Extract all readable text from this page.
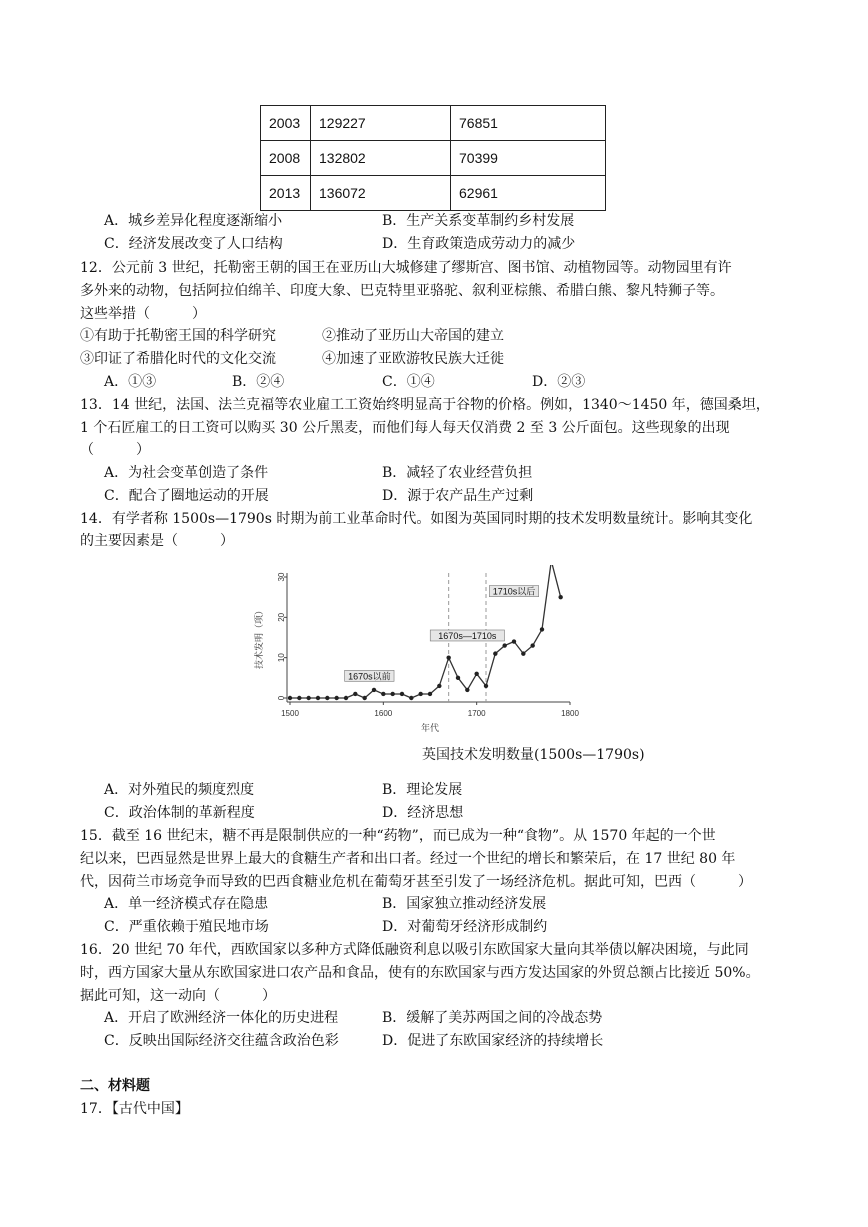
2003	129227	76851
2008	132802	70399
2013	136072	62961
A．城乡差异化程度逐渐缩小	B．生产关系变革制约乡村发展
C．经济发展改变了人口结构	D．生育政策造成劳动力的减少
12．公元前 3 世纪，托勒密王朝的国王在亚历山大城修建了缪斯宫、图书馆、动植物园等。动物园里有许
多外来的动物，包括阿拉伯绵羊、印度大象、巴克特里亚骆驼、叙利亚棕熊、希腊白熊、黎凡特狮子等。
这些举措（　　　）
①有助于托勒密王国的科学研究	②推动了亚历山大帝国的建立
③印证了希腊化时代的文化交流	④加速了亚欧游牧民族大迁徙
A．①③	B．②④	C．①④	D．②③
13．14 世纪，法国、法兰克福等农业雇工工资始终明显高于谷物的价格。例如，1340～1450 年，德国桑坦，
1 个石匠雇工的日工资可以购买 30 公斤黑麦，而他们每人每天仅消费 2 至 3 公斤面包。这些现象的出现
（　　　）
A．为社会变革创造了条件	B．减轻了农业经营负担
C．配合了圈地运动的开展	D．源于农产品生产过剩
14．有学者称 1500s—1790s 时期为前工业革命时代。如图为英国同时期的技术发明数量统计。影响其变化
的主要因素是（　　　）
1500	1600	1700	1800
0
10
20
30
技术发明（项）
年代
1670s以前
1670s—1710s
1710s以后
英国技术发明数量(1500s—1790s)
A．对外殖民的频度烈度	B．理论发展
C．政治体制的革新程度	D．经济思想
15．截至 16 世纪末，糖不再是限制供应的一种“药物”，而已成为一种“食物”。从 1570 年起的一个世
纪以来，巴西显然是世界上最大的食糖生产者和出口者。经过一个世纪的增长和繁荣后，在 17 世纪 80 年
代，因荷兰市场竞争而导致的巴西食糖业危机在葡萄牙甚至引发了一场经济危机。据此可知，巴西（　　　）
A．单一经济模式存在隐患	B．国家独立推动经济发展
C．严重依赖于殖民地市场	D．对葡萄牙经济形成制约
16．20 世纪 70 年代，西欧国家以多种方式降低融资利息以吸引东欧国家大量向其举债以解决困境，与此同
时，西方国家大量从东欧国家进口农产品和食品，使有的东欧国家与西方发达国家的外贸总额占比接近 50%。
据此可知，这一动向（　　　）
A．开启了欧洲经济一体化的历史进程	B．缓解了美苏两国之间的冷战态势
C．反映出国际经济交往蕴含政治色彩	D．促进了东欧国家经济的持续增长
二、材料题
17．【古代中国】
